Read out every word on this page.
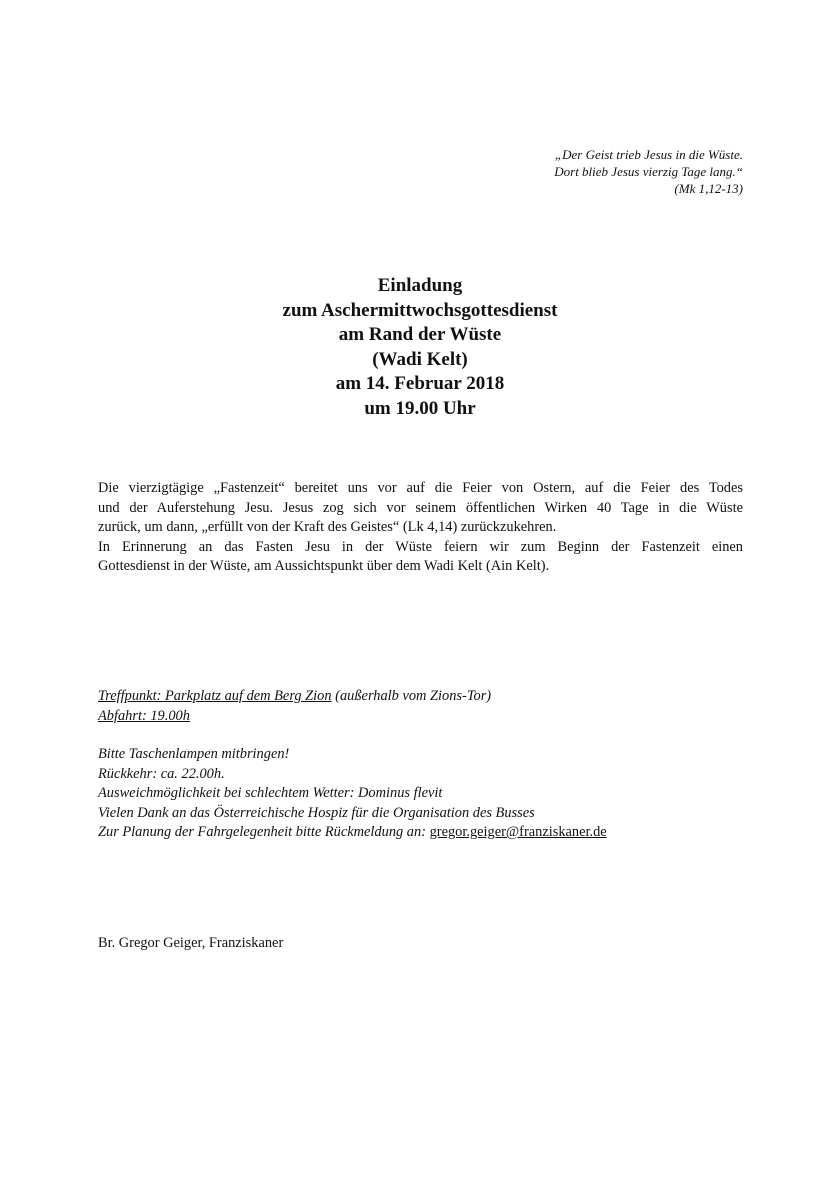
„Der Geist trieb Jesus in die Wüste.
Dort blieb Jesus vierzig Tage lang.“
(Mk 1,12-13)
Einladung
zum Aschermittwochsgottesdienst
am Rand der Wüste
(Wadi Kelt)
am 14. Februar 2018
um 19.00 Uhr

Die vierzigtägige „Fastenzeit“ bereitet uns vor auf die Feier von Ostern, auf die Feier des Todes
und der Auferstehung Jesu. Jesus zog sich vor seinem öffentlichen Wirken 40 Tage in die Wüste
zurück, um dann, „erfüllt von der Kraft des Geistes“ (Lk 4,14) zurückzukehren.

In Erinnerung an das Fasten Jesu in der Wüste feiern wir zum Beginn der Fastenzeit einen
Gottesdienst in der Wüste, am Aussichtspunkt über dem Wadi Kelt (Ain Kelt).

Treffpunkt: Parkplatz auf dem Berg Zion (außerhalb vom Zions-Tor)
Abfahrt: 19.00h
Bitte Taschenlampen mitbringen!
Rückkehr: ca. 22.00h.
Ausweichmöglichkeit bei schlechtem Wetter: Dominus flevit
Vielen Dank an das Österreichische Hospiz für die Organisation des Busses
Zur Planung der Fahrgelegenheit bitte Rückmeldung an: gregor.geiger@franziskaner.de
Br. Gregor Geiger, Franziskaner
